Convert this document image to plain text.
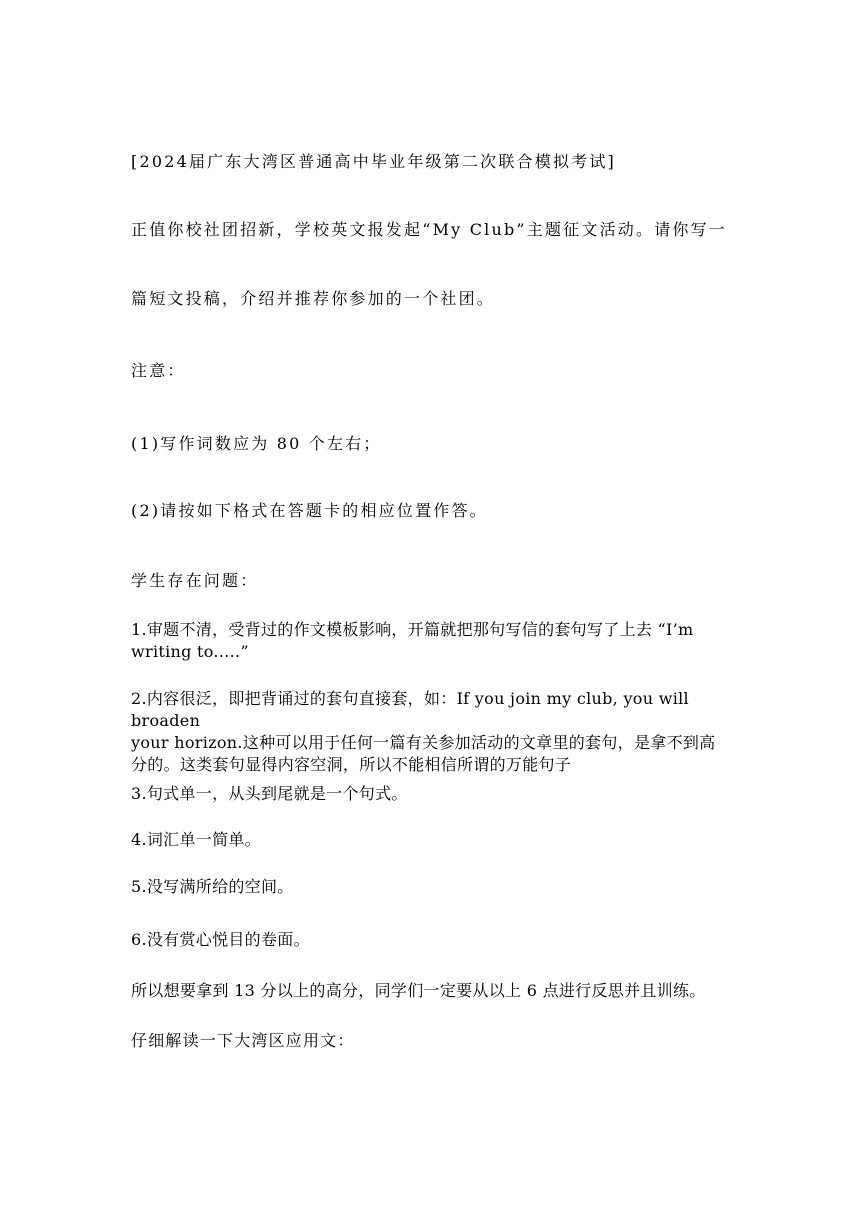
[2024届广东大湾区普通高中毕业年级第二次联合模拟考试]
正值你校社团招新，学校英文报发起“My Club”主题征文活动。请你写一
篇短文投稿，介绍并推荐你参加的一个社团。
注意：
(1)写作词数应为 80 个左右；
(2)请按如下格式在答题卡的相应位置作答。
学生存在问题：
1.审题不清，受背过的作文模板影响，开篇就把那句写信的套句写了上去 “I’m
writing to.....”
2.内容很泛，即把背诵过的套句直接套，如：If you join my club, you will broaden
your horizon.这种可以用于任何一篇有关参加活动的文章里的套句，是拿不到高
分的。这类套句显得内容空洞，所以不能相信所谓的万能句子
3.句式单一，从头到尾就是一个句式。
4.词汇单一简单。
5.没写满所给的空间。
6.没有赏心悦目的卷面。
所以想要拿到 13 分以上的高分，同学们一定要从以上 6 点进行反思并且训练。
仔细解读一下大湾区应用文：
